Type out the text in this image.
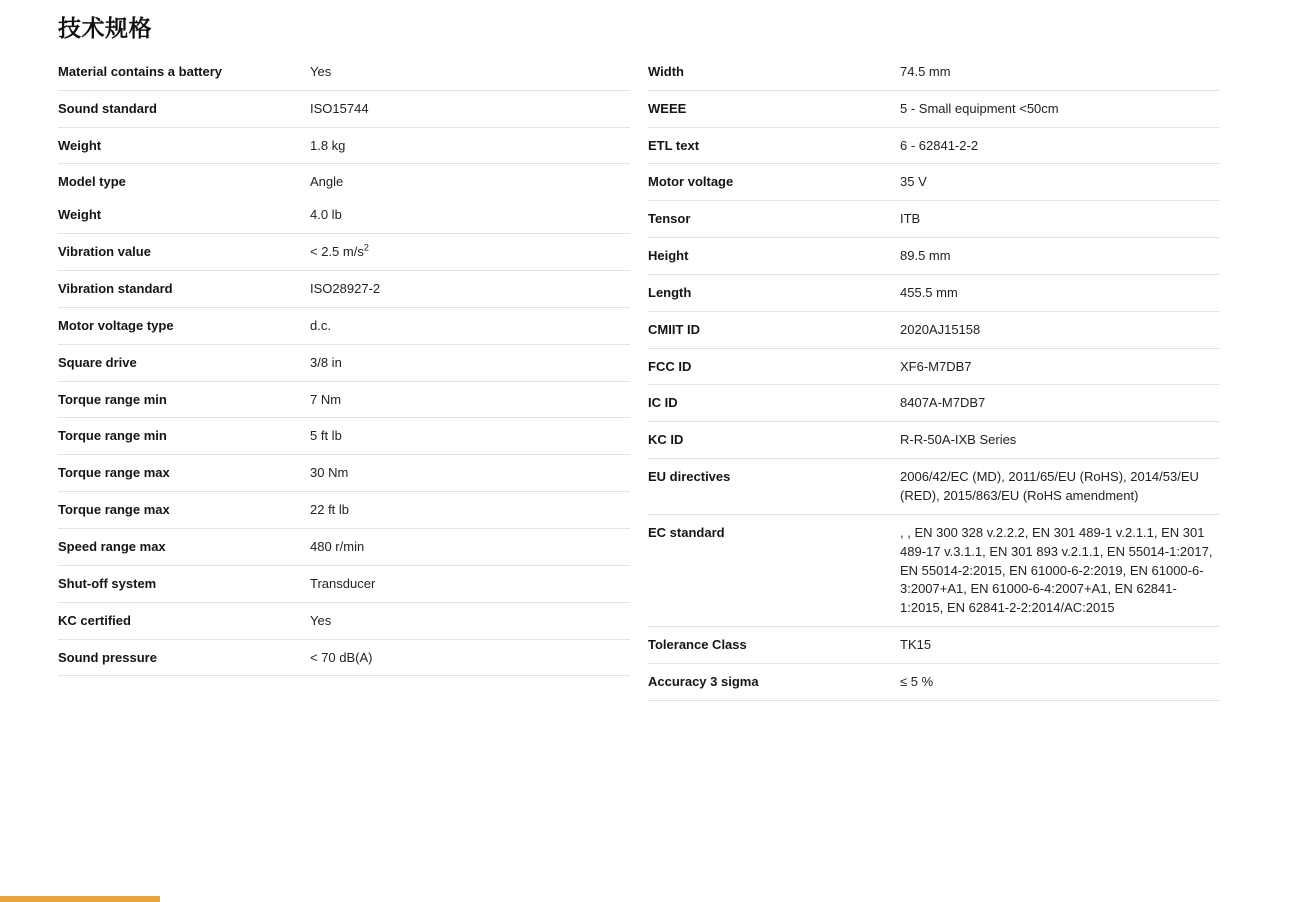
技术规格
Material contains a battery	Yes
Sound standard	ISO15744
Weight	1.8 kg
Model type	Angle
Weight	4.0 lb
Vibration value	< 2.5 $m/s^2$
Vibration standard	ISO28927-2
Motor voltage type	d.c.
Square drive	3/8 in
Torque range min	7 Nm
Torque range min	5 ft lb
Torque range max	30 Nm
Torque range max	22 ft lb
Speed range max	480 r/min
Shut-off system	Transducer
KC certified	Yes
Sound pressure	< 70 dB(A)
Width	74.5 mm
WEEE	5 - Small equipment <50cm
ETL text	6 - 62841-2-2
Motor voltage	35 V
Tensor	ITB
Height	89.5 mm
Length	455.5 mm
CMIIT ID	2020AJ15158
FCC ID	XF6-M7DB7
IC ID	8407A-M7DB7
KC ID	R-R-50A-IXB Series
EU directives	2006/42/EC (MD), 2011/65/EU (RoHS), 2014/53/EU (RED), 2015/863/EU (RoHS amendment)
EC standard	, , EN 300 328 v.2.2.2, EN 301 489-1 v.2.1.1, EN 301 489-17 v.3.1.1, EN 301 893 v.2.1.1, EN 55014-1:2017, EN 55014-2:2015, EN 61000-6-2:2019, EN 61000-6-3:2007+A1, EN 61000-6-4:2007+A1, EN 62841-1:2015, EN 62841-2-2:2014/AC:2015
Tolerance Class	TK15
Accuracy 3 sigma	≤ 5 %
